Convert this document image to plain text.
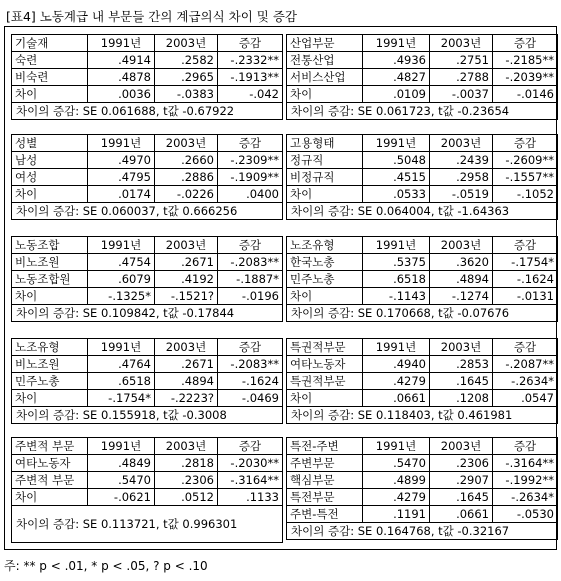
[표4] 노동계급 내 부문들 간의 계급의식 차이 및 증감
기술재	1991년	2003년	증감
숙련	.4914	.2582	-.2332**
비숙련	.4878	.2965	-.1913**
차이	.0036	-.0383	-.042
차이의 증감: SE 0.061688, t값 -0.67922			
산업부문	1991년	2003년	증감
전통산업	.4936	.2751	-.2185**
서비스산업	.4827	.2788	-.2039**
차이	.0109	-.0037	-.0146
차이의 증감: SE 0.061723, t값 -0.23654			
성별	1991년	2003년	증감
남성	.4970	.2660	-.2309**
여성	.4795	.2886	-.1909**
차이	.0174	-.0226	.0400
차이의 증감: SE 0.060037, t값 0.666256			
고용형태	1991년	2003년	증감
정규직	.5048	.2439	-.2609**
비정규직	.4515	.2958	-.1557**
차이	.0533	-.0519	-.1052
차이의 증감: SE 0.064004, t값 -1.64363			
노동조합	1991년	2003년	증감
비노조원	.4754	.2671	-.2083**
노동조합원	.6079	.4192	-.1887*
차이	-.1325*	-.1521?	-.0196
차이의 증감: SE 0.109842, t값 -0.17844			
노조유형	1991년	2003년	증감
한국노총	.5375	.3620	-.1754*
민주노총	.6518	.4894	-.1624
차이	-.1143	-.1274	-.0131
차이의 증감: SE 0.170668, t값 -0.07676			
노조유형	1991년	2003년	증감
비노조원	.4764	.2671	-.2083**
민주노총	.6518	.4894	-.1624
차이	-.1754*	-.2223?	-.0469
차이의 증감: SE 0.155918, t값 -0.3008			
특권적부문	1991년	2003년	증감
여타노동자	.4940	.2853	-.2087**
특권적부문	.4279	.1645	-.2634*
차이	.0661	.1208	.0547
차이의 증감: SE 0.118403, t값 0.461981			
주변적 부문	1991년	2003년	증감
여타노동자	.4849	.2818	-.2030**
주변적 부문	.5470	.2306	-.3164**
차이	-.0621	.0512	.1133
차이의 증감: SE 0.113721, t값 0.996301			
특전-주변	1991년	2003년	증감
주변부문	.5470	.2306	-.3164**
핵심부문	.4899	.2907	-.1992**
특전부문	.4279	.1645	-.2634*
주변-특전	.1191	.0661	-.0530
차이의 증감: SE 0.164768, t값 -0.32167			
주: ** p < .01, * p < .05, ? p < .10
